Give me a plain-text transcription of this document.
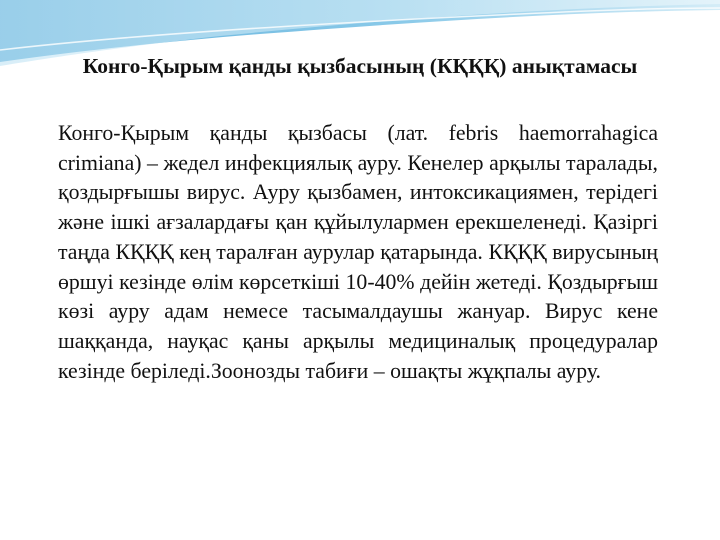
Конго-Қырым қанды қызбасының (КҚҚҚ) анықтамасы
Конго-Қырым қанды қызбасы (лат. febris haemorrahagica crimiana) – жедел инфекциялық ауру. Кенелер арқылы таралады, қоздырғышы вирус. Ауру қызбамен, интоксикациямен, терідегі және ішкі ағзалардағы қан құйылулармен ерекшеленеді. Қазіргі таңда КҚҚҚ кең таралған аурулар қатарында. КҚҚҚ вирусының өршуі кезінде өлім көрсеткіші 10-40% дейін жетеді. Қоздырғыш көзі ауру адам немесе тасымалдаушы жануар. Вирус кене шаққанда, науқас қаны арқылы медициналық процедуралар кезінде беріледі.Зоонозды табиғи – ошақты жұқпалы ауру.
